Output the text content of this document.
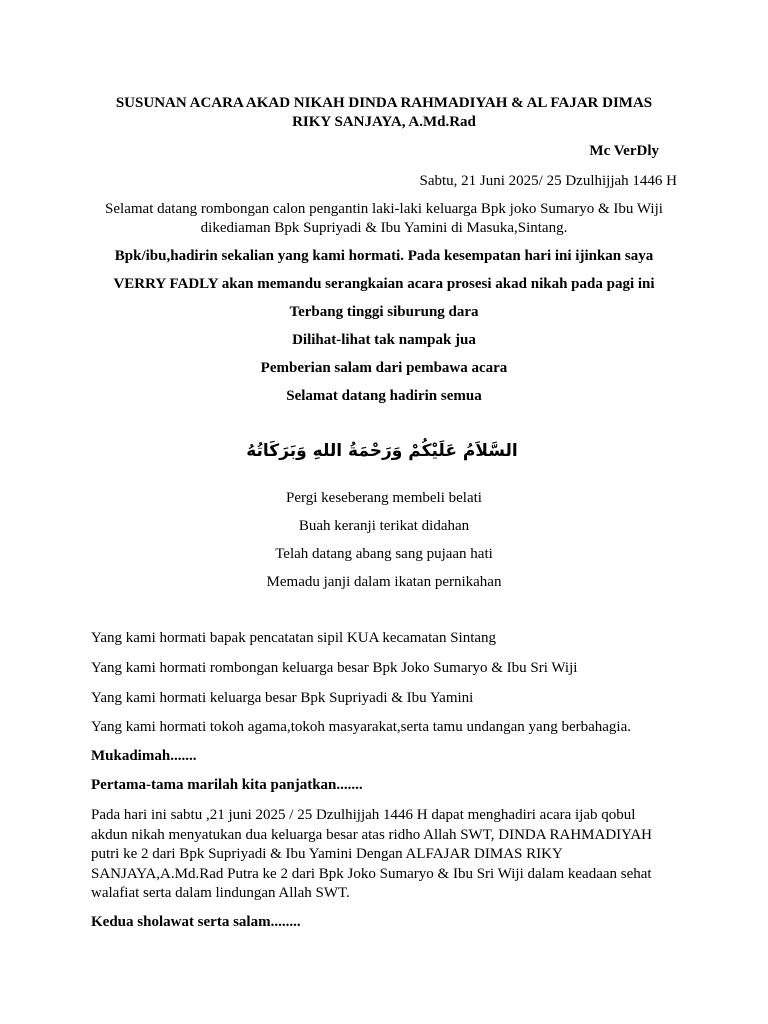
SUSUNAN ACARA AKAD NIKAH DINDA RAHMADIYAH & AL FAJAR DIMAS
RIKY SANJAYA, A.Md.Rad
Mc VerDly
Sabtu, 21 Juni 2025/ 25 Dzulhijjah 1446 H
Selamat datang rombongan calon pengantin laki-laki keluarga Bpk joko Sumaryo & Ibu Wiji
dikediaman Bpk Supriyadi & Ibu Yamini di Masuka,Sintang.
Bpk/ibu,hadirin sekalian yang kami hormati. Pada kesempatan hari ini ijinkan saya
VERRY FADLY akan memandu serangkaian acara prosesi akad nikah pada pagi ini
Terbang tinggi siburung dara
Dilihat-lihat tak nampak jua
Pemberian salam dari pembawa acara
Selamat datang hadirin semua
السَّلاَمُ عَلَيْكُمْ وَرَحْمَةُ اللهِ وَبَرَكَاتُهُ
Pergi keseberang membeli belati
Buah keranji terikat didahan
Telah datang abang sang pujaan hati
Memadu janji dalam ikatan pernikahan
Yang kami hormati bapak pencatatan sipil KUA kecamatan Sintang
Yang kami hormati rombongan keluarga besar Bpk Joko Sumaryo & Ibu Sri Wiji
Yang kami hormati keluarga besar Bpk Supriyadi & Ibu Yamini
Yang kami hormati tokoh agama,tokoh masyarakat,serta tamu undangan yang berbahagia.
Mukadimah.......
Pertama-tama marilah kita panjatkan.......
Pada hari ini sabtu ,21 juni 2025 / 25 Dzulhijjah 1446 H dapat menghadiri acara ijab qobul akdun nikah menyatukan dua keluarga besar atas ridho Allah SWT, DINDA RAHMADIYAH putri ke 2 dari Bpk Supriyadi & Ibu Yamini Dengan ALFAJAR DIMAS RIKY SANJAYA,A.Md.Rad Putra ke 2 dari Bpk Joko Sumaryo & Ibu Sri Wiji dalam keadaan sehat walafiat serta dalam lindungan Allah SWT.
Kedua sholawat serta salam........
